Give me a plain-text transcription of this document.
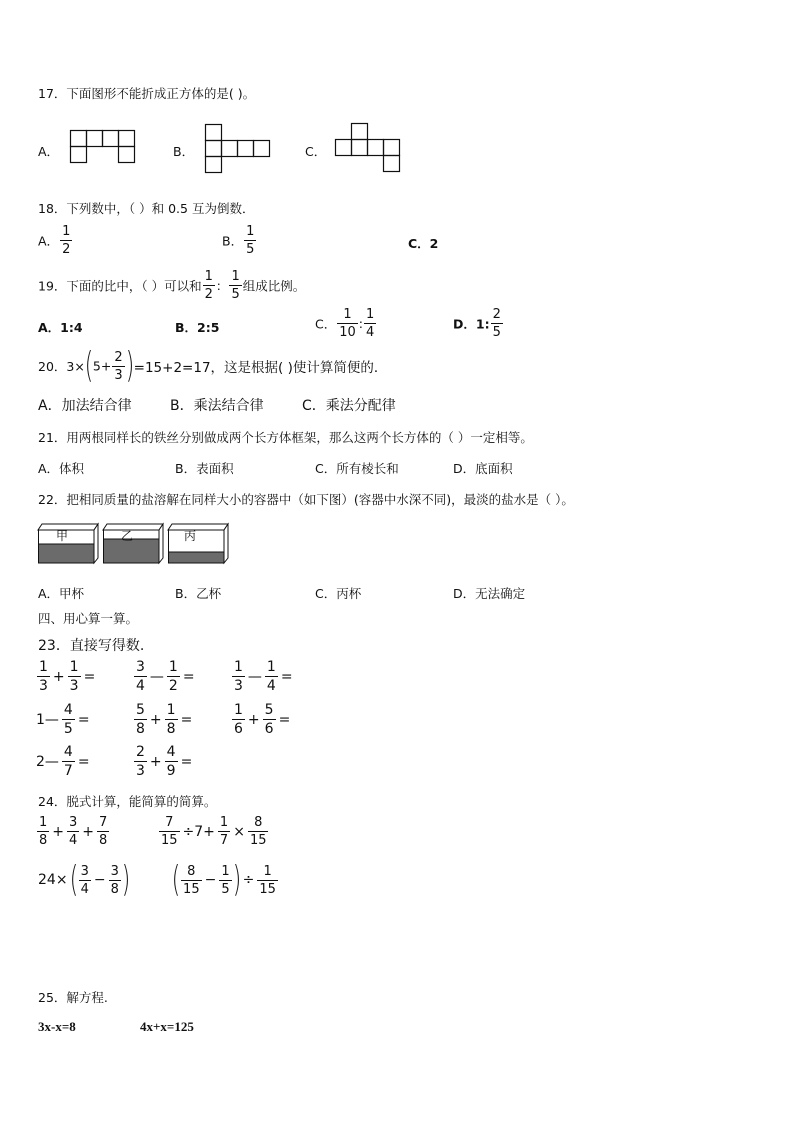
17．下面图形不能折成正方体的是( )。
A．	B．	C．
18．下列数中，（ ）和 0.5 互为倒数．
A． $\frac{1}{2}$	B． $\frac{1}{5}$	C．2
19．下面的比中，（ ）可以和 $\frac{1}{2}$ ： $\frac{1}{5}$ 组成比例。
A．1:4	B．2:5	C． $\frac{1}{10}$ : $\frac{1}{4}$	D．1: $\frac{2}{5}$
20．$3\times(5+ \frac{2}{3} )=15+2=17$，这是根据( )使计算简便的．
A．加法结合律	B．乘法结合律	C．乘法分配律
21．用两根同样长的铁丝分别做成两个长方体框架，那么这两个长方体的（ ）一定相等。
A．体积	B．表面积	C．所有棱长和	D．底面积
22．把相同质量的盐溶解在同样大小的容器中（如下图）(容器中水深不同)，最淡的盐水是（ ）。
甲	乙	丙
A．甲杯	B．乙杯	C．丙杯	D．无法确定
四、用心算一算。
23．直接写得数.
$\frac{1}{3} + \frac{1}{3}$ =	$\frac{3}{4}$ — $\frac{1}{2}$ =	$\frac{1}{3}$ — $\frac{1}{4}$ =
1— $\frac{4}{5}$ =	$\frac{5}{8} + \frac{1}{8}$ =	$\frac{1}{6} + \frac{5}{6}$ =
2— $\frac{4}{7}$ =	$\frac{2}{3} + \frac{4}{9}$ =
24．脱式计算，能简算的简算。
$\frac{1}{8} + \frac{3}{4} + \frac{7}{8}$	$\frac{7}{15} \div 7+ \frac{1}{7} \times \frac{8}{15}$
$24\times( \frac{3}{4} - \frac{3}{8}$ ) ( $\frac{8}{15} - \frac{1}{5}$ ) ÷ $\frac{1}{15}$
25．解方程.
3x-x=8	4x+x=125
